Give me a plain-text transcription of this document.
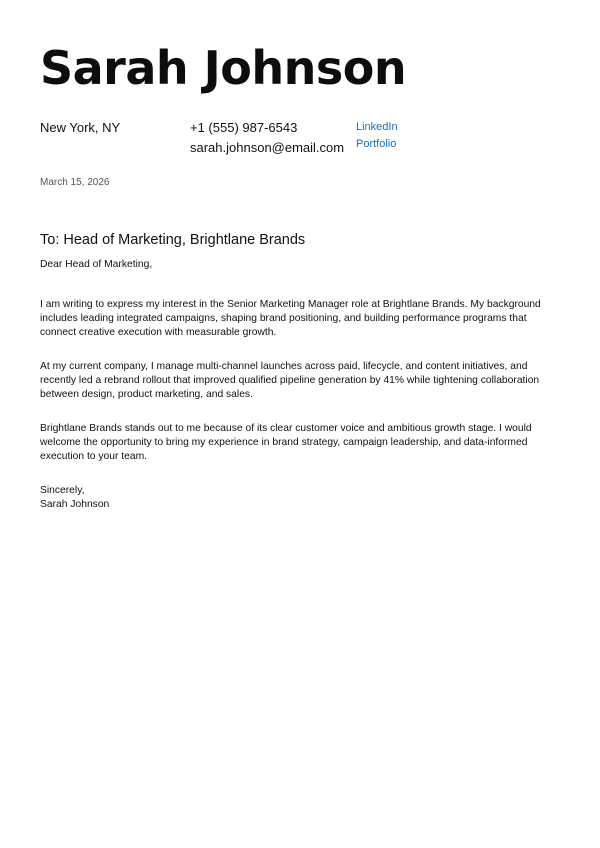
Sarah Johnson
New York, NY	+1 (555) 987-6543
sarah.johnson@email.com
LinkedIn
Portfolio
March 15, 2026
To: Head of Marketing, Brightlane Brands

Dear Head of Marketing,

I am writing to express my interest in the Senior Marketing Manager role at Brightlane Brands. My background includes leading integrated campaigns, shaping brand positioning, and building performance programs that connect creative execution with measurable growth.

At my current company, I manage multi-channel launches across paid, lifecycle, and content initiatives, and recently led a rebrand rollout that improved qualified pipeline generation by 41% while tightening collaboration between design, product marketing, and sales.

Brightlane Brands stands out to me because of its clear customer voice and ambitious growth stage. I would welcome the opportunity to bring my experience in brand strategy, campaign leadership, and data-informed execution to your team.

Sincerely,

Sarah Johnson
